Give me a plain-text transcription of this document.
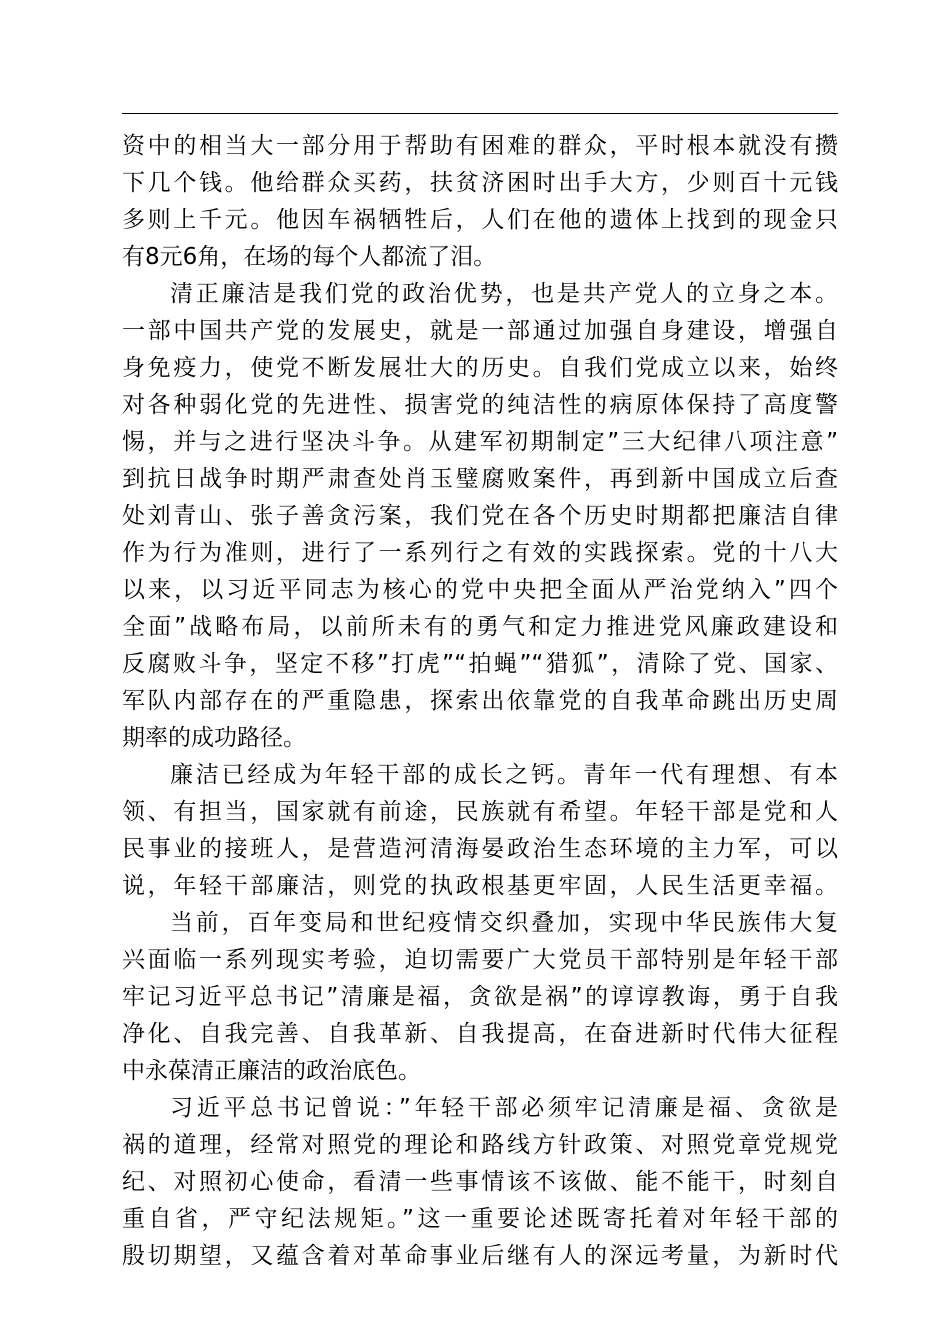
资中的相当大一部分用于帮助有困难的群众，平时根本就没有攒
下几个钱。他给群众买药，扶贫济困时出手大方，少则百十元钱
多则上千元。他因车祸牺牲后，人们在他的遗体上找到的现金只
有8元6角，在场的每个人都流了泪。
清正廉洁是我们党的政治优势，也是共产党人的立身之本。
一部中国共产党的发展史，就是一部通过加强自身建设，增强自
身免疫力，使党不断发展壮大的历史。自我们党成立以来，始终
对各种弱化党的先进性、损害党的纯洁性的病原体保持了高度警
惕，并与之进行坚决斗争。从建军初期制定”三大纪律八项注意”
到抗日战争时期严肃查处肖玉璧腐败案件，再到新中国成立后查
处刘青山、张子善贪污案，我们党在各个历史时期都把廉洁自律
作为行为准则，进行了一系列行之有效的实践探索。党的十八大
以来，以习近平同志为核心的党中央把全面从严治党纳入”四个
全面”战略布局，以前所未有的勇气和定力推进党风廉政建设和
反腐败斗争，坚定不移”打虎”“拍蝇”“猎狐”，清除了党、国家、
军队内部存在的严重隐患，探索出依靠党的自我革命跳出历史周
期率的成功路径。
廉洁已经成为年轻干部的成长之钙。青年一代有理想、有本
领、有担当，国家就有前途，民族就有希望。年轻干部是党和人
民事业的接班人，是营造河清海晏政治生态环境的主力军，可以
说，年轻干部廉洁，则党的执政根基更牢固，人民生活更幸福。
当前，百年变局和世纪疫情交织叠加，实现中华民族伟大复
兴面临一系列现实考验，迫切需要广大党员干部特别是年轻干部
牢记习近平总书记”清廉是福，贪欲是祸”的谆谆教诲，勇于自我
净化、自我完善、自我革新、自我提高，在奋进新时代伟大征程
中永葆清正廉洁的政治底色。
习近平总书记曾说：”年轻干部必须牢记清廉是福、贪欲是
祸的道理，经常对照党的理论和路线方针政策、对照党章党规党
纪、对照初心使命，看清一些事情该不该做、能不能干，时刻自
重自省，严守纪法规矩。”这一重要论述既寄托着对年轻干部的
殷切期望，又蕴含着对革命事业后继有人的深远考量，为新时代
